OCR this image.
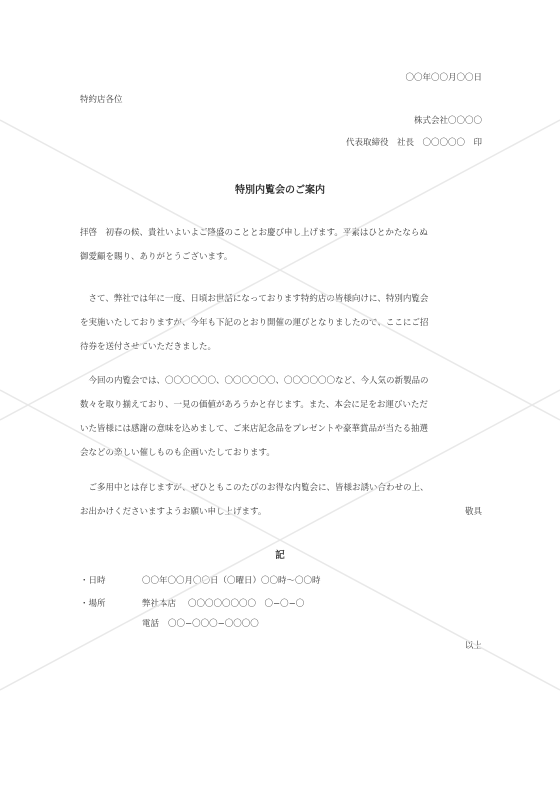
〇〇年〇〇月〇〇日
特約店各位
株式会社〇〇〇〇
代表取締役　社長　〇〇〇〇〇　印
特別内覧会のご案内
拝啓　初春の候、貴社いよいよご隆盛のこととお慶び申し上げます。平素はひとかたならぬ
御愛顧を賜り、ありがとうございます。
　さて、弊社では年に一度、日頃お世話になっております特約店の皆様向けに、特別内覧会
を実施いたしておりますが、今年も下記のとおり開催の運びとなりましたので、ここにご招
待券を送付させていただきました。
　今回の内覧会では、〇〇〇〇〇〇、〇〇〇〇〇〇、〇〇〇〇〇〇など、今人気の新製品の
数々を取り揃えており、一見の価値があろうかと存じます。また、本会に足をお運びいただ
いた皆様には感謝の意味を込めまして、ご来店記念品をプレゼントや豪華賞品が当たる抽選
会などの楽しい催しものも企画いたしております。
　ご多用中とは存じますが、ぜひともこのたびのお得な内覧会に、皆様お誘い合わせの上、
お出かけくださいますようお願い申し上げます。	敬具
記
・日時	〇〇年〇〇月〇〇日（〇曜日）〇〇時〜〇〇時
・場所	弊社本店 〇〇〇〇〇〇〇〇　〇−〇−〇
電話 〇〇−〇〇〇−〇〇〇〇
以上
